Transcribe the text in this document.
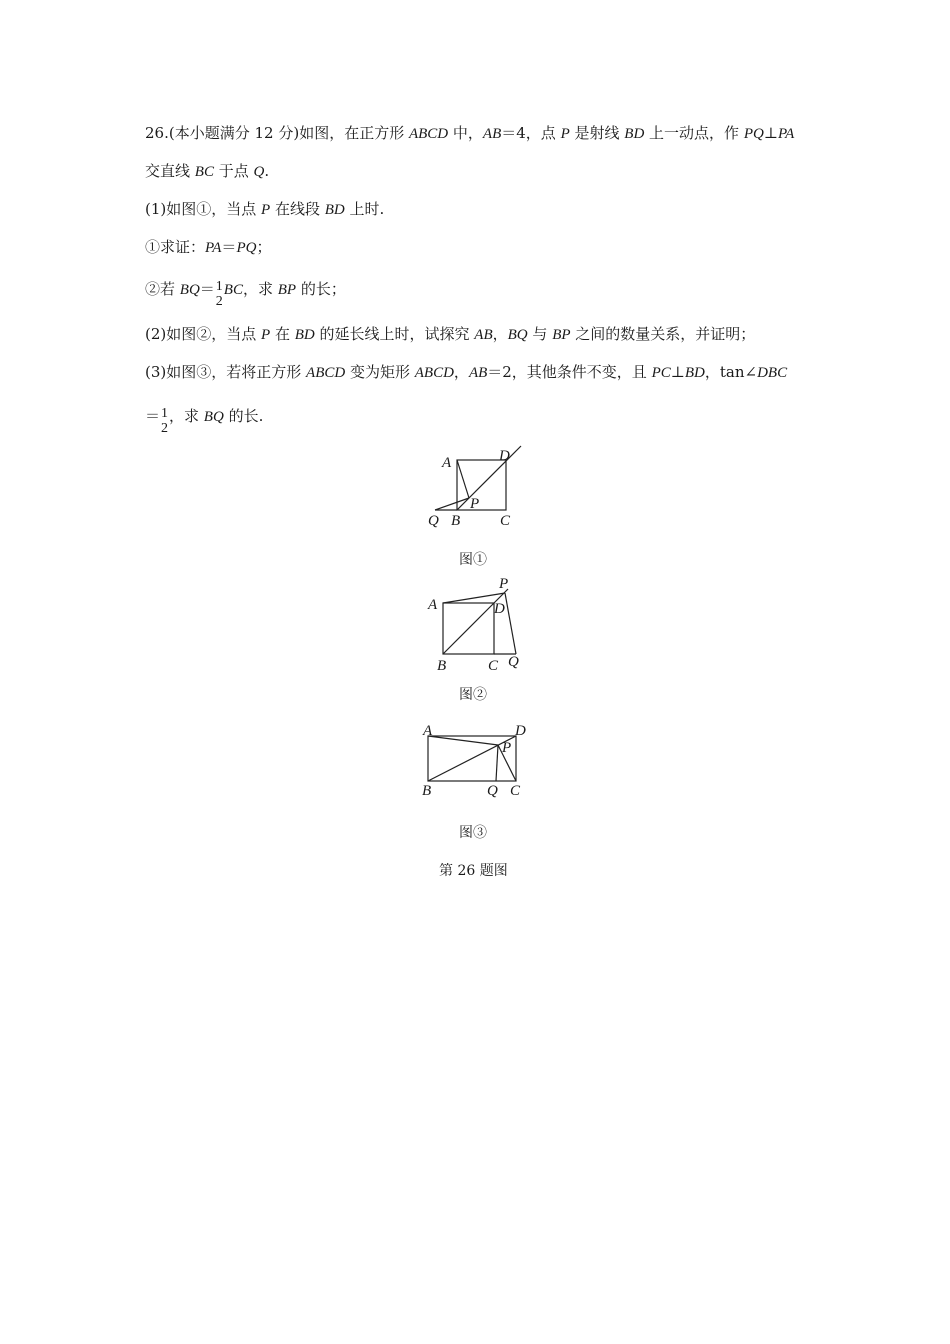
26.(本小题满分 12 分)如图，在正方形 ABCD 中，AB＝4，点 P 是射线 BD 上一动点，作 PQ⊥PA
交直线 BC 于点 Q.
(1)如图①，当点 P 在线段 BD 上时.
①求证：PA＝PQ；
②若 BQ＝ 1
2
BC，求 BP 的长；
(2)如图②，当点 P 在 BD 的延长线上时，试探究 AB，BQ 与 BP 之间的数量关系，并证明；
(3)如图③，若将正方形 ABCD 变为矩形 ABCD，AB＝2，其他条件不变，且 PC⊥BD，tan∠DBC
＝ 1
2
，求 BQ 的长.
A	D
P
Q B	C
A
P
D
B	C Q
A	D
P
B	Q C
图①
图②
图③
第 26 题图
